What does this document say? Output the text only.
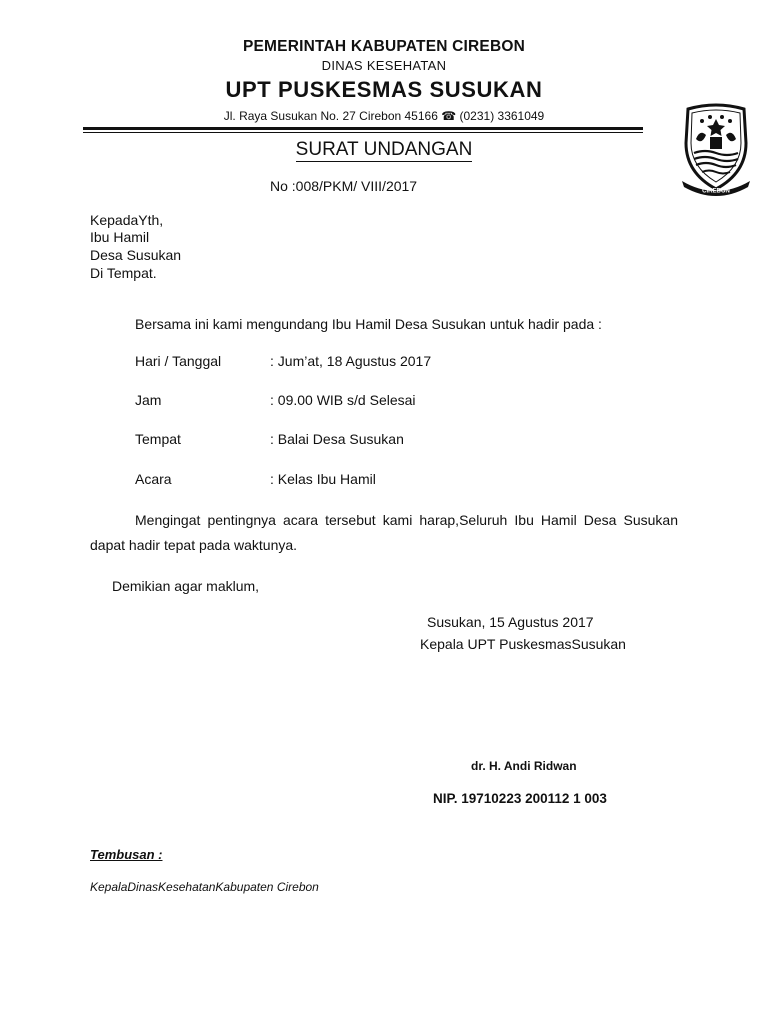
PEMERINTAH KABUPATEN CIREBON
DINAS KESEHATAN
UPT PUSKESMAS SUSUKAN
Jl. Raya Susukan No. 27 Cirebon 45166 ☎ (0231) 3361049
CIREBON
SURAT UNDANGAN
No :008/PKM/ VIII/2017
KepadaYth,
Ibu Hamil
Desa Susukan
Di Tempat.
Bersama ini kami mengundang Ibu Hamil Desa Susukan untuk hadir pada :
Hari / Tanggal	: Jum’at, 18 Agustus 2017
Jam	: 09.00 WIB s/d Selesai
Tempat	: Balai Desa Susukan
Acara	: Kelas Ibu Hamil
Mengingat pentingnya acara tersebut kami harap,Seluruh Ibu Hamil Desa Susukan dapat hadir tepat pada waktunya.
Demikian agar maklum,
Susukan, 15 Agustus 2017
Kepala UPT PuskesmasSusukan
dr. H. Andi Ridwan
NIP. 19710223 200112 1 003
Tembusan :
KepalaDinasKesehatanKabupaten Cirebon
